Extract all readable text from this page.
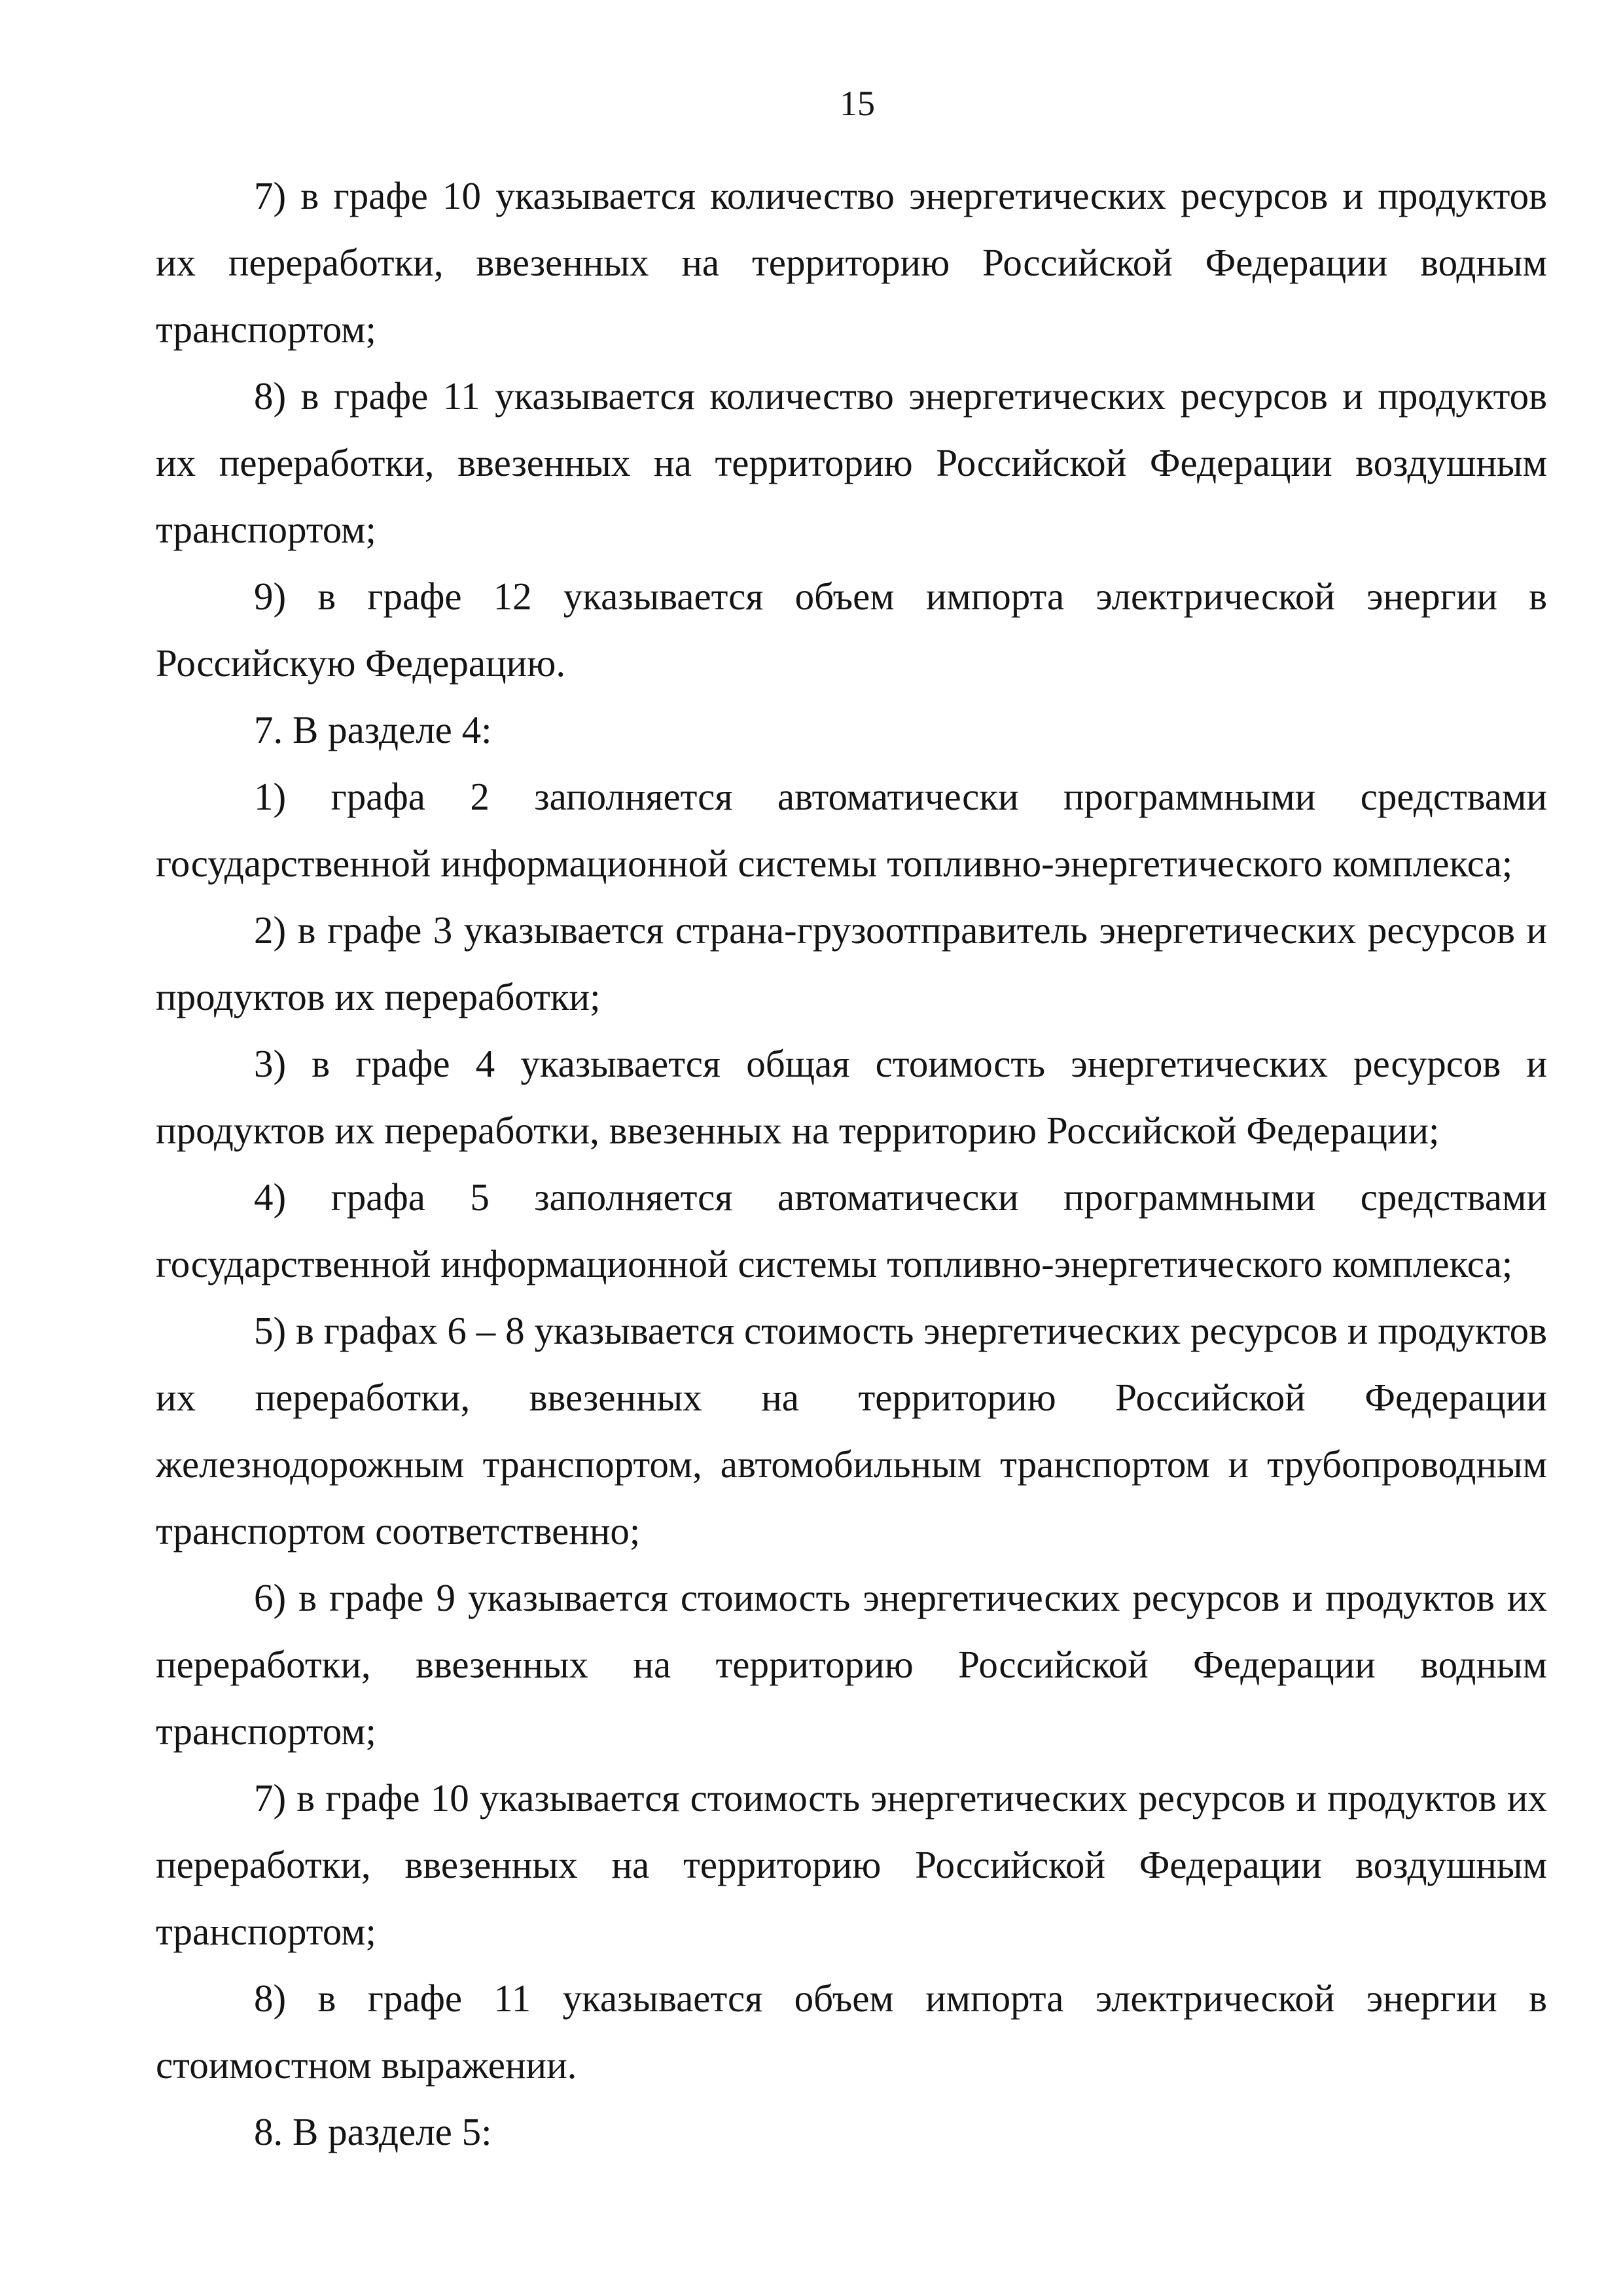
15

7) в графе 10 указывается количество энергетических ресурсов и продуктов их переработки, ввезенных на территорию Российской Федерации водным транспортом;

8) в графе 11 указывается количество энергетических ресурсов и продуктов их переработки, ввезенных на территорию Российской Федерации воздушным транспортом;

9) в графе 12 указывается объем импорта электрической энергии в Российскую Федерацию.

7. В разделе 4:

1) графа 2 заполняется автоматически программными средствами государственной информационной системы топливно-энергетического комплекса;

2) в графе 3 указывается страна-грузоотправитель энергетических ресурсов и продуктов их переработки;

3) в графе 4 указывается общая стоимость энергетических ресурсов и продуктов их переработки, ввезенных на территорию Российской Федерации;

4) графа 5 заполняется автоматически программными средствами государственной информационной системы топливно-энергетического комплекса;

5) в графах 6 – 8 указывается стоимость энергетических ресурсов и продуктов их переработки, ввезенных на территорию Российской Федерации железнодорожным транспортом, автомобильным транспортом и трубопроводным транспортом соответственно;

6) в графе 9 указывается стоимость энергетических ресурсов и продуктов их переработки, ввезенных на территорию Российской Федерации водным транспортом;

7) в графе 10 указывается стоимость энергетических ресурсов и продуктов их переработки, ввезенных на территорию Российской Федерации воздушным транспортом;

8) в графе 11 указывается объем импорта электрической энергии в стоимостном выражении.

8. В разделе 5:
